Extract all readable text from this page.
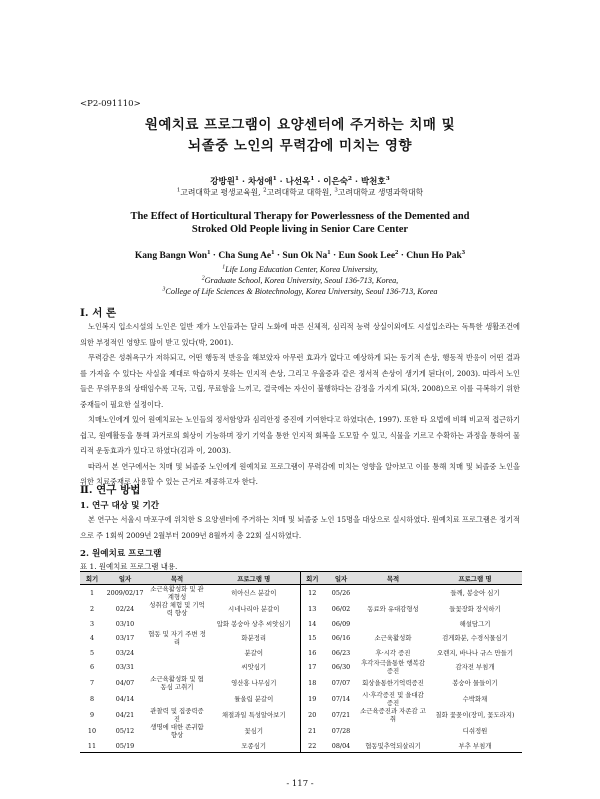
<P2-091110>
원예치료 프로그램이 요양센터에 주거하는 치매 및
뇌졸중 노인의 무력감에 미치는 영향
강방원$^1$ · 차성애$^1$ · 나선옥$^1$ · 이은숙$^2$ · 박천호$^3$
$^1$고려대학교 평생교육원, $^2$고려대학교 대학원, $^3$고려대학교 생명과학대학
The Effect of Horticultural Therapy for Powerlessness of the Demented and
Stroked Old People living in Senior Care Center
Kang Bangn Won$^1$ · Cha Sung $Ae^1$ · Sun Ok $Na^1$ · Eun Sook Lee$^2$ · Chun Ho Pak$^3$
$^1$Life Long Education Center, Korea University,
$^2$Graduate School, Korea University, Seoul 136-713, Korea,
$^3$College of Life Sciences & Biotechnology, Korea University, Seoul 136-713, Korea
Ⅰ. 서 론

노인복지 입소시설의 노인은 일반 재가 노인들과는 달리 노화에 따른 신체적, 심리적 능력 상실이외에도 시설입소라는 독특한 생활조건에 의한 부정적인 영향도 많이 받고 있다(박, 2001).

무력감은 성취욕구가 저하되고, 어떤 행동적 반응을 해보았자 아무런 효과가 없다고 예상하게 되는 동기적 손상, 행동적 반응이 어떤 결과를 가져올 수 있다는 사실을 제대로 학습하지 못하는 인지적 손상, 그리고 우울증과 같은 정서적 손상이 생기게 된다(이, 2003). 따라서 노인들은 무위무용의 상태임수록 고독, 고립, 무료함을 느끼고, 결국에는 자신이 불행하다는 감정을 가지게 되(차, 2008)으로 이를 극복하기 위한 중재들이 필요한 실정이다.

치매노인에게 있어 원예치료는 노인들의 정서함양과 심리안정 증진에 기여한다고 하였다(손, 1997). 또한 타 요법에 비해 비교적 접근하기 쉽고, 원예활동을 통해 과거로의 회상이 기능하며 장기 기억을 통한 인지적 회복을 도모할 수 있고, 식물을 기르고 수확하는 과정을 통하여 물리적 운동효과가 있다고 하였다(김과 이, 2003).

따라서 본 연구에서는 치매 및 뇌졸중 노인에게 원예치료 프로그램이 무력감에 미치는 영향을 알아보고 이를 통해 치매 및 뇌졸중 노인을 위한 치료중재로 사용할 수 있는 근거로 제공하고자 한다.

Ⅱ. 연구 방법
1. 연구 대상 및 기간

본 연구는 서울시 마포구에 위치한 S 요양센터에 주거하는 치매 및 뇌졸중 노인 15명을 대상으로 실시하였다. 원예치료 프로그램은 정기적으로 주 1회씩 2009년 2월부터 2009년 8월까지 총 22회 실시하였다.

2. 원예치료 프로그램
표 1. 원예치료 프로그램 내용.
회기	일자	목적	프로그램 명	회기	일자	목적	프로그램 명
1	2009/02/17	소근육활성화 및 관계형성	히아신스 분갈이	12	05/26		들깨, 봉숭아 심기
2	02/24	성취감 체험 및 기억력 향상	시네나리아 분갈이	13	06/02	동료와 유대감형성	들꽃장화 장식하기
3	03/10		압화 봉숭아 상추 씨앗심기	14	06/09		해설담그기
4	03/17	협동 및 자기 주변 정리	화분정리	15	06/16	소근육활성화	검게화분, 수경식물심기
5	03/24		분갈이	16	06/23	후·시각 증진	오렌지, 바나나 규스 만들기
6	03/31		씨앗심기	17	06/30	후각자극을통한 행복감 증진	감자전 부침개
7	04/07	소근육활성화 및 협동심 고취기	영산홍 나무심기	18	07/07	회상을통한기억력증진	봉숭아 물들이기
8	04/14		튤울립 분갈이	19	07/14	시·후각증진 및 을대감증진	수박화채
9	04/21	관찰력 및 집중력증진	채절과일 특성알아보기	20	07/21	소근육증진과 자존감 고취	칠화 꽃꽂이(장미, 꽃도라지)
10	05/12	생명에 대한 존귀함 향상	꽃심기	21	07/28		디쉬정원
11	05/19		모종심기	22	08/04	협동및추억되살리기	부추 부침개
- 117 -
